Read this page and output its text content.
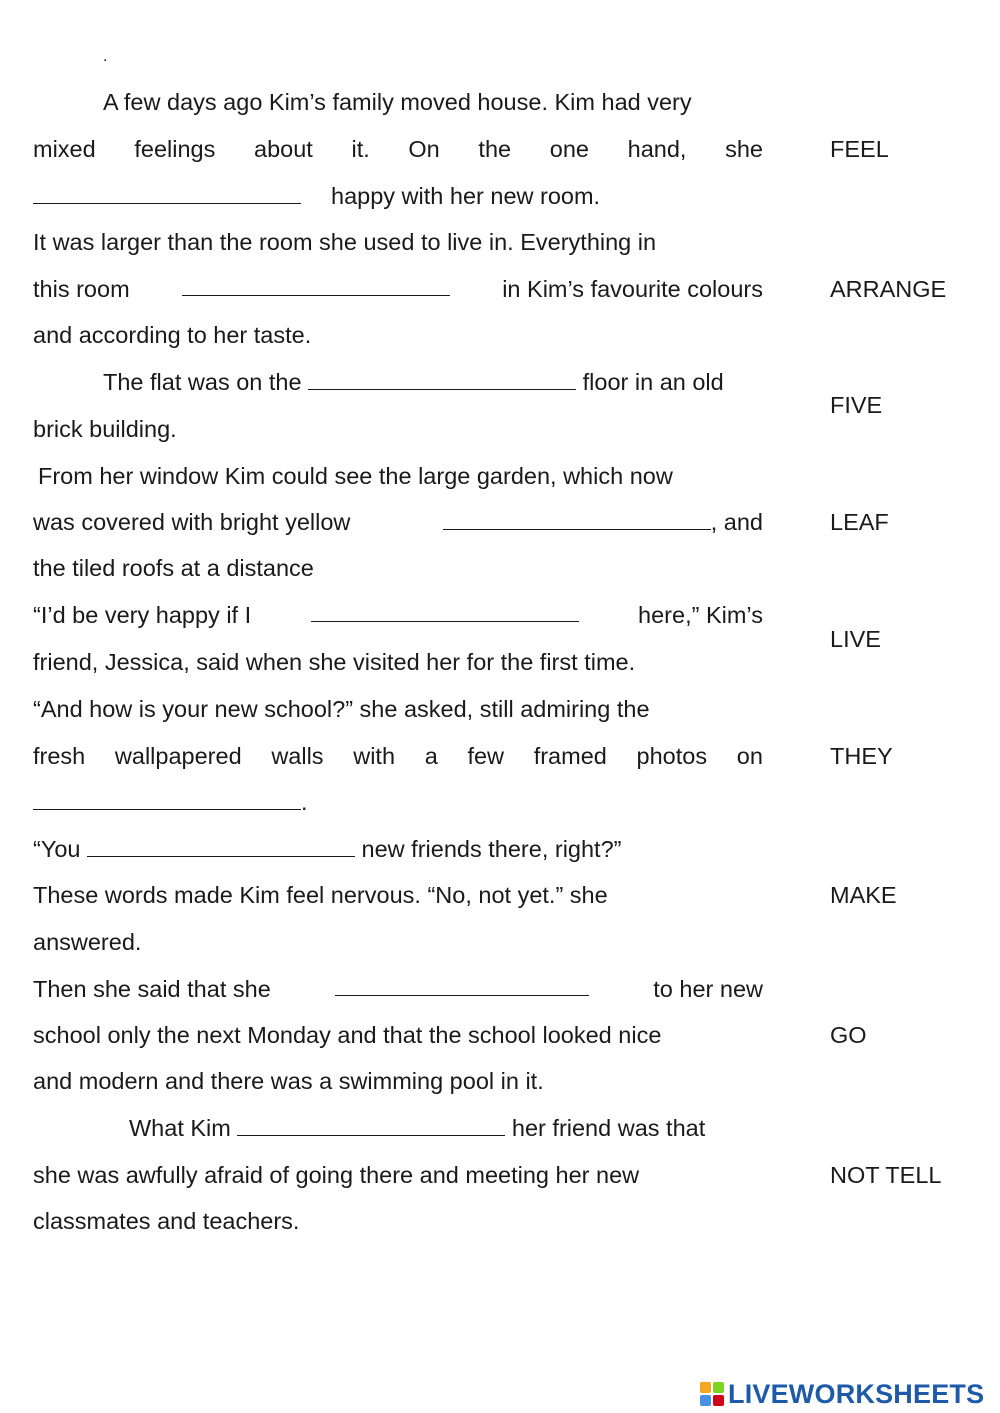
.
A few days ago Kim’s family moved house. Kim had very
mixed feelings about it. On the one hand, she
happy with her new room.
It was larger than the room she used to live in. Everything in
this room	in Kim’s favourite colours
and according to her taste.
The flat was on the	floor in an old
brick building.
From her window Kim could see the large garden, which now
was covered with bright yellow	, and
the tiled roofs at a distance
“I’d be very happy if I	here,” Kim’s
friend, Jessica, said when she visited her for the first time.
“And how is your new school?” she asked, still admiring the
fresh wallpapered walls with a few framed photos on
.
“You	new friends there, right?”
These words made Kim feel nervous. “No, not yet.” she
answered.
Then she said that she	to her new
school only the next Monday and that the school looked nice
and modern and there was a swimming pool in it.
What Kim	her friend was that
she was awfully afraid of going there and meeting her new
classmates and teachers.
FEEL
ARRANGE
FIVE
LEAF
LIVE
THEY
MAKE
GO
NOT TELL
LIVEWORKSHEETS
